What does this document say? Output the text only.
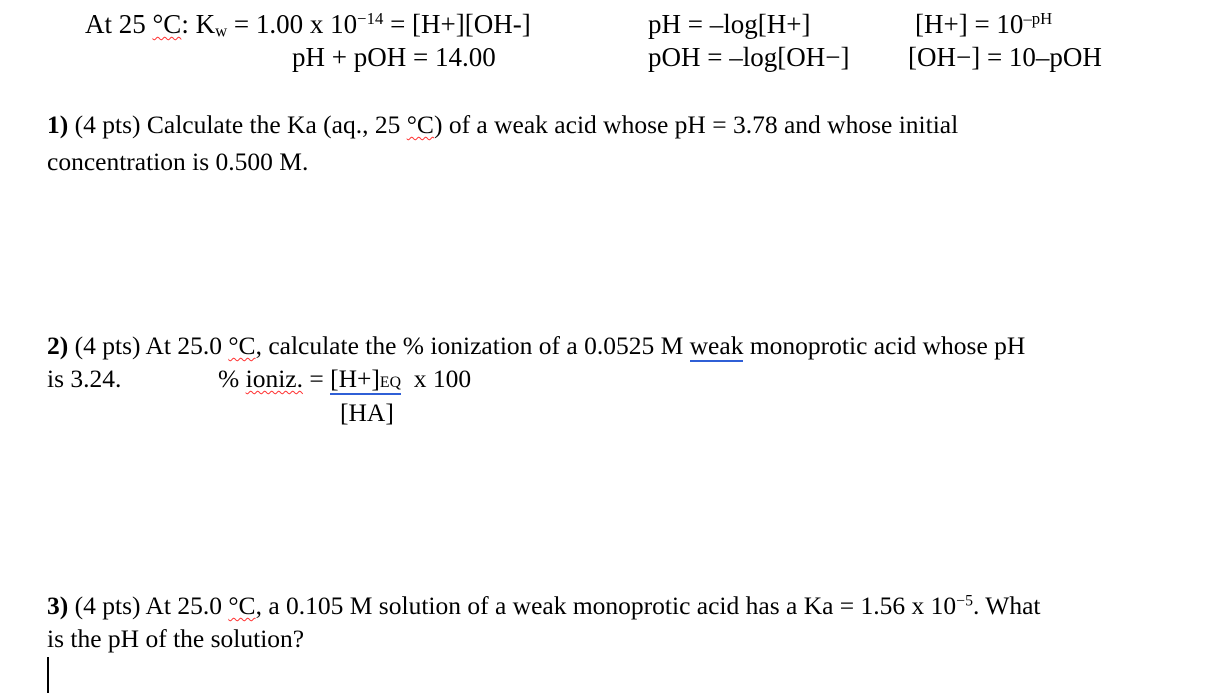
At 25 °C: $K_w = 1.00$ x $10^{-14} = [H+][OH-]$
pH + pOH = 14.00
pH = –log[H+]
pOH = –log[OH−]
$[H+] = 10^{-pH}$
[OH−] = 10–pOH
1) (4 pts) Calculate the Ka (aq., 25 °C) of a weak acid whose pH = 3.78 and whose initial
concentration is 0.500 M.
2) (4 pts) At 25.0 °C, calculate the % ionization of a 0.0525 M weak monoprotic acid whose pH
is 3.24.	% ioniz. = [H+]EQ x 100
[HA]
3) (4 pts) At 25.0 °C, a 0.105 M solution of a weak monoprotic acid has a Ka = 1.56 x $10^{-5}$. What
is the pH of the solution?
